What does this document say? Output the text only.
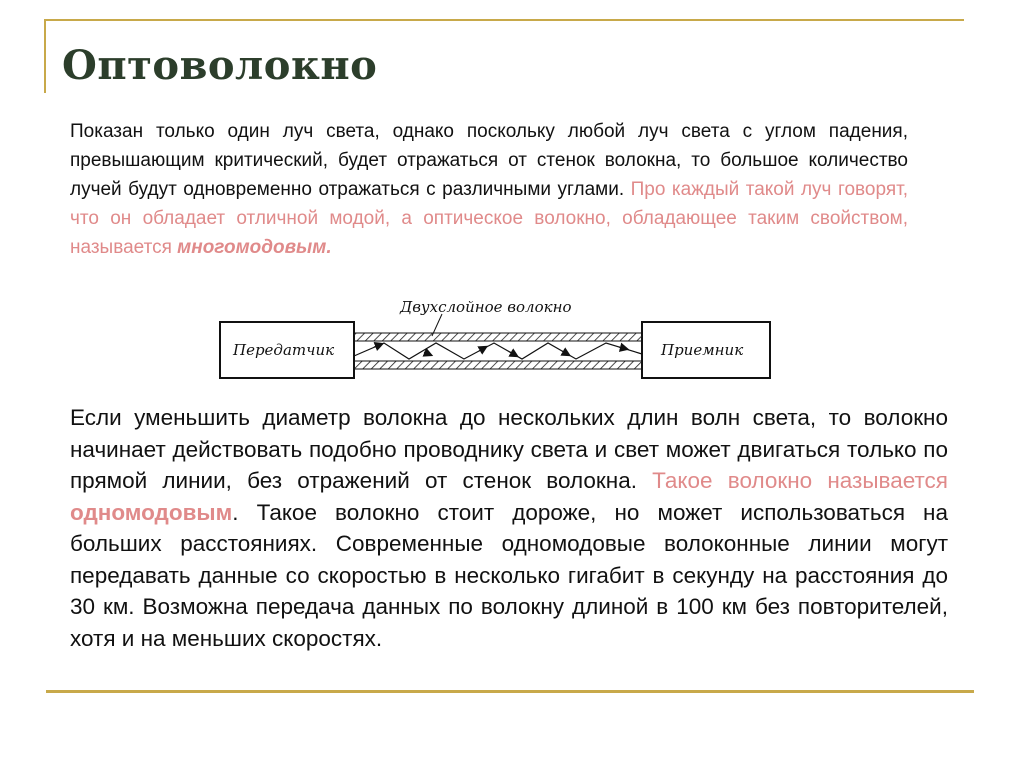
Оптоволокно

Показан только один луч света, однако поскольку любой луч света с углом падения, превышающим критический, будет отражаться от стенок волокна, то большое количество лучей будут одновременно отражаться с различными углами. Про каждый такой луч говорят, что он обладает отличной модой, а оптическое волокно, обладающее таким свойством, называется многомодовым.

Двухслойное волокно
Передатчик	Приемник

Если уменьшить диаметр волокна до нескольких длин волн света, то волокно начинает действовать подобно проводнику света и свет может двигаться только по прямой линии, без отражений от стенок волокна. Такое волокно называется одномодовым. Такое волокно стоит дороже, но может использоваться на больших расстояниях. Современные одномодовые волоконные линии могут передавать данные со скоростью в несколько гигабит в секунду на расстояния до 30 км. Возможна передача данных по волокну длиной в 100 км без повторителей, хотя и на меньших скоростях.
